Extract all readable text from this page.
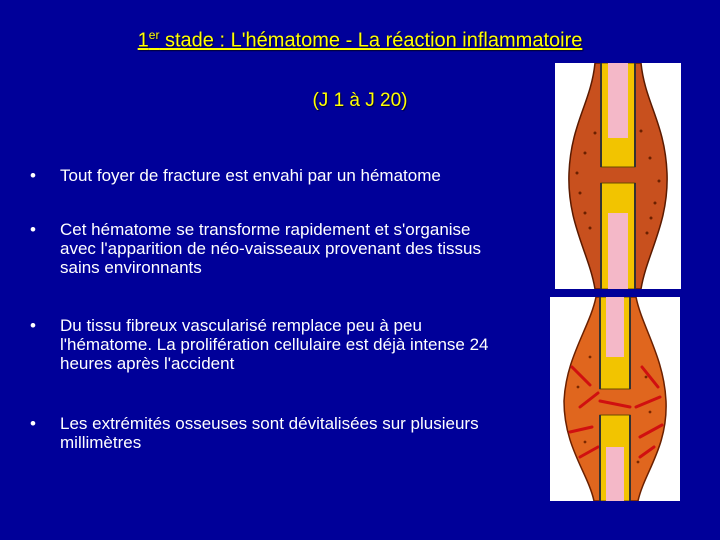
1er stade : L'hématome - La réaction inflammatoire
(J 1 à J 20)
• Tout foyer de fracture est envahi par un hématome
• Cet hématome se transforme rapidement et s'organise avec l'apparition de néo-vaisseaux provenant des tissus sains environnants
• Du tissu fibreux vascularisé remplace peu à peu l'hématome. La prolifération cellulaire est déjà intense 24 heures après l'accident
• Les extrémités osseuses sont dévitalisées sur plusieurs millimètres
